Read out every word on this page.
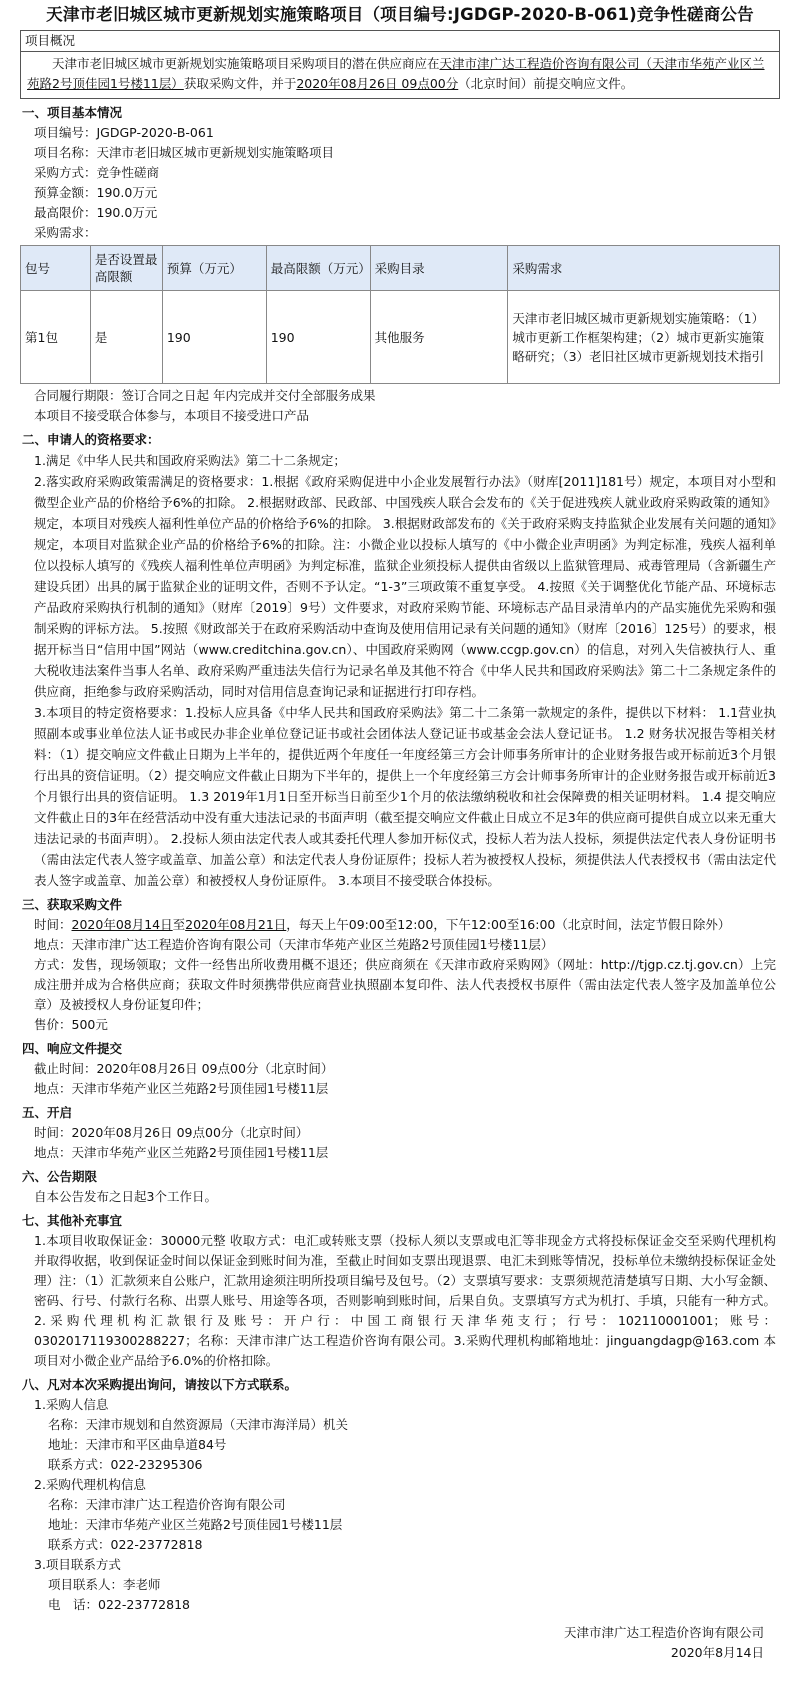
天津市老旧城区城市更新规划实施策略项目（项目编号:JGDGP-2020-B-061)竞争性磋商公告
项目概况
天津市老旧城区城市更新规划实施策略项目采购项目的潜在供应商应在天津市津广达工程造价咨询有限公司（天津市华苑产业区兰苑路2号顶佳园1号楼11层）获取采购文件，并于2020年08月26日 09点00分（北京时间）前提交响应文件。
一、项目基本情况
项目编号：JGDGP-2020-B-061
项目名称：天津市老旧城区城市更新规划实施策略项目
采购方式：竞争性磋商
预算金额：190.0万元
最高限价：190.0万元
采购需求：
包号	是否设置最高限额	预算（万元）	最高限额（万元）	采购目录	采购需求
第1包	是	190	190	其他服务	天津市老旧城区城市更新规划实施策略：（1）城市更新工作框架构建；（2）城市更新实施策略研究；（3）老旧社区城市更新规划技术指引
合同履行期限：签订合同之日起 年内完成并交付全部服务成果
本项目不接受联合体参与，本项目不接受进口产品
二、申请人的资格要求：
1.满足《中华人民共和国政府采购法》第二十二条规定；
2.落实政府采购政策需满足的资格要求：1.根据《政府采购促进中小企业发展暂行办法》（财库[2011]181号）规定，本项目对小型和微型企业产品的价格给予6%的扣除。 2.根据财政部、民政部、中国残疾人联合会发布的《关于促进残疾人就业政府采购政策的通知》规定，本项目对残疾人福利性单位产品的价格给予6%的扣除。 3.根据财政部发布的《关于政府采购支持监狱企业发展有关问题的通知》规定，本项目对监狱企业产品的价格给予6%的扣除。注：小微企业以投标人填写的《中小微企业声明函》为判定标准，残疾人福利单位以投标人填写的《残疾人福利性单位声明函》为判定标准，监狱企业须投标人提供由省级以上监狱管理局、戒毒管理局（含新疆生产建设兵团）出具的属于监狱企业的证明文件，否则不予认定。“1-3”三项政策不重复享受。 4.按照《关于调整优化节能产品、环境标志产品政府采购执行机制的通知》（财库〔2019〕9号）文件要求，对政府采购节能、环境标志产品目录清单内的产品实施优先采购和强制采购的评标方法。 5.按照《财政部关于在政府采购活动中查询及使用信用记录有关问题的通知》（财库〔2016〕125号）的要求，根据开标当日“信用中国”网站（www.creditchina.gov.cn）、中国政府采购网（www.ccgp.gov.cn）的信息，对列入失信被执行人、重大税收违法案件当事人名单、政府采购严重违法失信行为记录名单及其他不符合《中华人民共和国政府采购法》第二十二条规定条件的供应商，拒绝参与政府采购活动，同时对信用信息查询记录和证据进行打印存档。
3.本项目的特定资格要求：1.投标人应具备《中华人民共和国政府采购法》第二十二条第一款规定的条件，提供以下材料： 1.1营业执照副本或事业单位法人证书或民办非企业单位登记证书或社会团体法人登记证书或基金会法人登记证书。 1.2 财务状况报告等相关材料：（1）提交响应文件截止日期为上半年的，提供近两个年度任一年度经第三方会计师事务所审计的企业财务报告或开标前近3个月银行出具的资信证明。（2）提交响应文件截止日期为下半年的，提供上一个年度经第三方会计师事务所审计的企业财务报告或开标前近3个月银行出具的资信证明。 1.3 2019年1月1日至开标当日前至少1个月的依法缴纳税收和社会保障费的相关证明材料。 1.4 提交响应文件截止日的3年在经营活动中没有重大违法记录的书面声明（截至提交响应文件截止日成立不足3年的供应商可提供自成立以来无重大违法记录的书面声明）。 2.投标人须由法定代表人或其委托代理人参加开标仪式，投标人若为法人投标，须提供法定代表人身份证明书（需由法定代表人签字或盖章、加盖公章）和法定代表人身份证原件；投标人若为被授权人投标，须提供法人代表授权书（需由法定代表人签字或盖章、加盖公章）和被授权人身份证原件。 3.本项目不接受联合体投标。
三、获取采购文件
时间：2020年08月14日至2020年08月21日，每天上午09:00至12:00，下午12:00至16:00（北京时间，法定节假日除外）
地点：天津市津广达工程造价咨询有限公司（天津市华苑产业区兰苑路2号顶佳园1号楼11层）
方式：发售，现场领取；文件一经售出所收费用概不退还；供应商须在《天津市政府采购网》（网址：http://tjgp.cz.tj.gov.cn）上完成注册并成为合格供应商；获取文件时须携带供应商营业执照副本复印件、法人代表授权书原件（需由法定代表人签字及加盖单位公章）及被授权人身份证复印件；
售价：500元
四、响应文件提交
截止时间：2020年08月26日 09点00分（北京时间）
地点：天津市华苑产业区兰苑路2号顶佳园1号楼11层
五、开启
时间：2020年08月26日 09点00分（北京时间）
地点：天津市华苑产业区兰苑路2号顶佳园1号楼11层
六、公告期限
自本公告发布之日起3个工作日。
七、其他补充事宜
1.本项目收取保证金：30000元整 收取方式：电汇或转账支票（投标人须以支票或电汇等非现金方式将投标保证金交至采购代理机构并取得收据，收到保证金时间以保证金到账时间为准，至截止时间如支票出现退票、电汇未到账等情况，投标单位未缴纳投标保证金处理）注：（1）汇款须来自公账户，汇款用途须注明所投项目编号及包号。（2）支票填写要求：支票须规范清楚填写日期、大小写金额、密码、行号、付款行名称、出票人账号、用途等各项，否则影响到账时间，后果自负。支票填写方式为机打、手填，只能有一种方式。 2.采购代理机构汇款银行及账号：开户行：中国工商银行天津华苑支行；行号：102110001001；账号：0302017119300288227；名称：天津市津广达工程造价咨询有限公司。3.采购代理机构邮箱地址：jinguangdagp@163.com 本项目对小微企业产品给予6.0%的价格扣除。
八、凡对本次采购提出询问，请按以下方式联系。
1.采购人信息
名称：天津市规划和自然资源局（天津市海洋局）机关
地址：天津市和平区曲阜道84号
联系方式：022-23295306
2.采购代理机构信息
名称：天津市津广达工程造价咨询有限公司
地址：天津市华苑产业区兰苑路2号顶佳园1号楼11层
联系方式：022-23772818
3.项目联系方式
项目联系人：李老师
电　话：022-23772818
天津市津广达工程造价咨询有限公司
2020年8月14日
